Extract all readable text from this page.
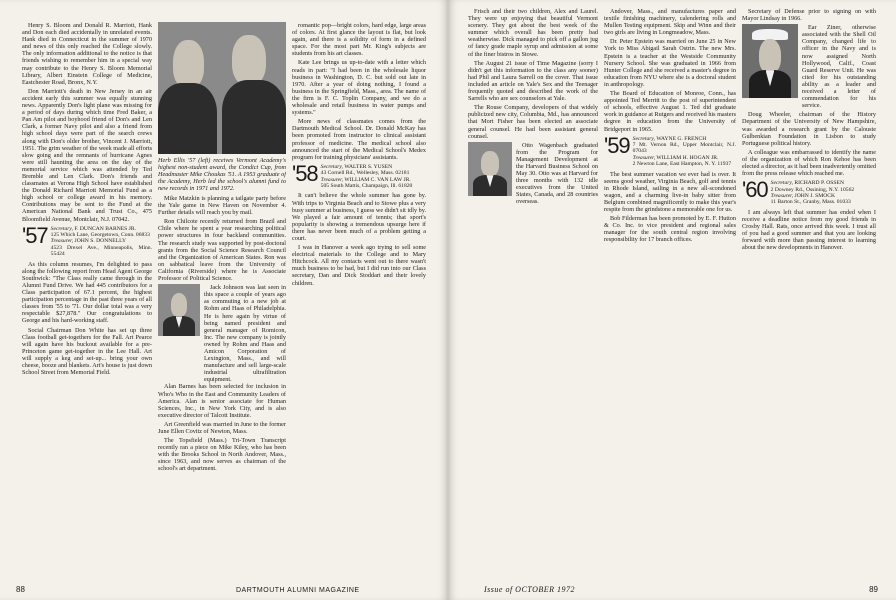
Henry S. Bloom and Donald R. Marriott, Hank and Don each died accidentally in unrelated events. Hank died in Connecticut in the summer of 1970 and news of this only reached the College slowly. The only information additional to the notice is that friends wishing to remember him in a special way may contribute to the Henry S. Bloom Memorial Library, Albert Einstein College of Medicine, Eastchester Road, Bronx, N.Y.

Don Marriott's death in New Jersey in an air accident early this summer was equally stunning news. Apparently Don's light plane was missing for a period of days during which time Fred Baker, a Pan Am pilot and boyhood friend of Don's and Len Clark, a former Navy pilot and also a friend from high school days were part of the search crews along with Don's older brother, Vincent J. Marriott, 1951. The grim weather of the week made all efforts slow going and the remnants of hurricane Agnes were still haunting the area on the day of the memorial service which was attended by Ted Bremble and Len Clark. Don's friends and classmates at Verona High School have established the Donald Richard Marriott Memorial Fund as a high school or college award in his memory. Contributions may be sent to the Fund at the American National Bank and Trust Co., 475 Bloomfield Avenue, Montclair, N.J. 07042.

'57 Secretary, F. DUNCAN BARNES JR.
125 Which Lane, Georgetown, Conn. 06833
Treasurer, JOHN S. DONNELLY
4523 Drexel Ave., Minneapolis, Minn. 55424

As this column resumes, I'm delighted to pass along the following report from Head Agent George Southwick: "The Class really came through in the Alumni Fund Drive. We had 445 contributors for a Class participation of 67.1 percent, the highest participation percentage in the past three years of all classes from '55 to '71. Our dollar total was a very respectable $27,878." Our congratulations to George and his hard-working staff.

Social Chairman Don White has set up three Class football get-togethers for the Fall. Art Pearce will again have his buckout available for a pre-Princeton game get-together in the Lee Hall. Art will supply a keg and set-up... bring your own cheese, booze and blankets. Art's house is just down School Street from Memorial Field.

Herb Ellis '57 (left) receives Vermont Academy's highest non-student award, the Condict Cup, from Headmaster Mike Choukas '51. A 1953 graduate of the Academy, Herb led the school's alumni fund to new records in 1971 and 1972.

Mike Matzkin is planning a tailgate party before the Yale game in New Haven on November 4. Further details will reach you by mail.

Ron Chilcote recently returned from Brazil and Chile where he spent a year researching political power structures in four backland communities. The research study was supported by post-doctoral grants from the Social Science Research Council and the Organization of American States. Ron was on sabbatical leave from the University of California (Riverside) where he is Associate Professor of Political Science.

Jack Johnson was last seen in this space a couple of years ago as commuting to a new job at Rohm and Haas of Philadelphia. He is here again by virtue of being named president and general manager of Romicon, Inc. The new company is jointly owned by Rohm and Haas and Amicon Corporation of Lexington, Mass., and will manufacture and sell large-scale industrial ultrafiltration equipment.

Alan Barnes has been selected for inclusion in Who's Who in the East and Community Leaders of America. Alan is senior associate for Human Sciences, Inc., in New York City, and is also executive director of Talcott Institute.

Art Greenfield was married in June to the former June Ellen Covitz of Newton, Mass.

The Topsfield (Mass.) Tri-Town Transcript recently ran a piece on Mike Kiley, who has been with the Brooks School in North Andover, Mass., since 1963, and now serves as chairman of the school's art department.

romantic pop—bright colors, hard edge, large areas of colors. At first glance the layout is flat, but look again, and there is a solidity of form in a defined space. For the most part Mr. King's subjects are students from his art classes.

Kate Lee brings us up-to-date with a letter which reads in part: "I had been in the wholesale liquor business in Washington, D. C. but sold out late in 1970. After a year of doing nothing, I found a business in the Springfield, Mass., area. The name of the firm is F. C. Toplin Company, and we do a wholesale and retail business in water pumps and systems."

More news of classmates comes from the Dartmouth Medical School. Dr. Donald McKay has been promoted from instructor to clinical assistant professor of medicine. The medical school also announced the start of the Medical School's Medex program for training physicians' assistants.

'58 Secretary, WALTER S. YUSEN
43 Cornell Rd., Wellesley, Mass. 02181
Treasurer, WILLIAM C. VAN LAW JR.
505 South Mattis, Champaign, Ill. 61820

It can't believe the whole summer has gone by. With trips to Virginia Beach and to Stowe plus a very busy summer at business, I guess we didn't sit idly by. We played a fair amount of tennis; that sport's popularity is showing a tremendous upsurge here if there has never been much of a problem getting a court.

I was in Hanover a week ago trying to sell some electrical materials to the College and to Mary Hitchcock. All my contacts went out to there wasn't much business to be had, but I did run into our Class secretary, Dan and Dick Stoddart and their lovely children.

88	DARTMOUTH ALUMNI MAGAZINE

Frisch and their two children, Alex and Laurel. They were up enjoying that beautiful Vermont scenery. They got about the best week of the summer which overall has been pretty bad weatherwise. Dick managed to pick off a gallon jug of fancy grade maple syrup and admission at some of the finer bistros in Stowe.

The August 21 issue of Time Magazine (sorry I didn't get this information to the class any sooner) had Phil and Laura Sarrell on the cover. That issue included an article on Yale's Sex and the Teenager frequently quoted and described the work of the Sarrells who are sex counselors at Yale.

The Rouse Company, developers of that widely publicized new city, Columbia, Md., has announced that Mort Fisher has been elected an associate general counsel. He had been assistant general counsel.

Otto Wagenbach graduated from the Program for Management Development at the Harvard Business School on May 30. Otto was at Harvard for three months with 132 idle executives from the United States, Canada, and 28 countries overseas.

Andover, Mass., and manufactures paper and textile finishing machinery, calendering rolls and Mullen Testing equipment. Skip and Winn and their two girls are living in Longmeadow, Mass.

Dr. Peter Epstein was married on June 25 in New York to Miss Abigail Sarah Ostrin. The new Mrs. Epstein is a teacher at the Westside Community Nursery School. She was graduated in 1966 from Hunter College and she received a master's degree in education from NYU where she is a doctoral student in anthropology.

The Board of Education of Monroe, Conn., has appointed Ted Merritt to the post of superintendent of schools, effective August 1. Ted did graduate work in guidance at Rutgers and received his masters degree in education from the University of Bridgeport in 1965.

'59 Secretary, WAYNE G. FRENCH
7 Mt. Vernon Rd., Upper Montclair, N.J. 07043
Treasurer, WILLIAM H. HOGAN JR.
2 Newton Lane, East Hampton, N. Y. 11937

The best summer vacation we ever had is over. It seems good weather, Virginia Beach, golf and tennis in Rhode Island, sailing in a new all-scondoned wagon, and a charming live-in baby sitter from Belgium combined magnificently to make this year's respite from the grindstone a memorable one for us.

Bob Filderman has been promoted by E. F. Hutton & Co. Inc. to vice president and regional sales manager for the south central region involving responsibility for 17 branch offices.

Secretary of Defense prior to signing on with Mayor Lindsay in 1966.

Ear Ziner, otherwise associated with the Shell Oil Company, changed life to officer in the Navy and is now assigned North Hollywood, Calif., Coast Guard Reserve Unit. He was cited for his outstanding ability as a leader and received a letter of commendation for his service.

Doug Wheeler, chairman of the History Department of the University of New Hampshire, was awarded a research grant by the Calouste Gulbenkian Foundation in Lisbon to study Portuguese political history.

A colleague was embarrassed to identify the name of the organization of which Ron Kehoe has been elected a director, as it had been inadvertently omitted from the press release which reached me.

'60 Secretary, RICHARD P. OSSEN
2 Downey Rd., Ossining, N.Y. 10562
Treasurer, JOHN J. SMOCK
11 Barton St., Granby, Mass. 01033

I am always left that summer has ended when I receive a deadline notice from my good friends in Crosby Hall. Rats, once arrived this week. I trust all of you had a good summer and that you are looking forward with more than passing interest to learning about the new developments in Hanover.

Issue of OCTOBER 1972	89
